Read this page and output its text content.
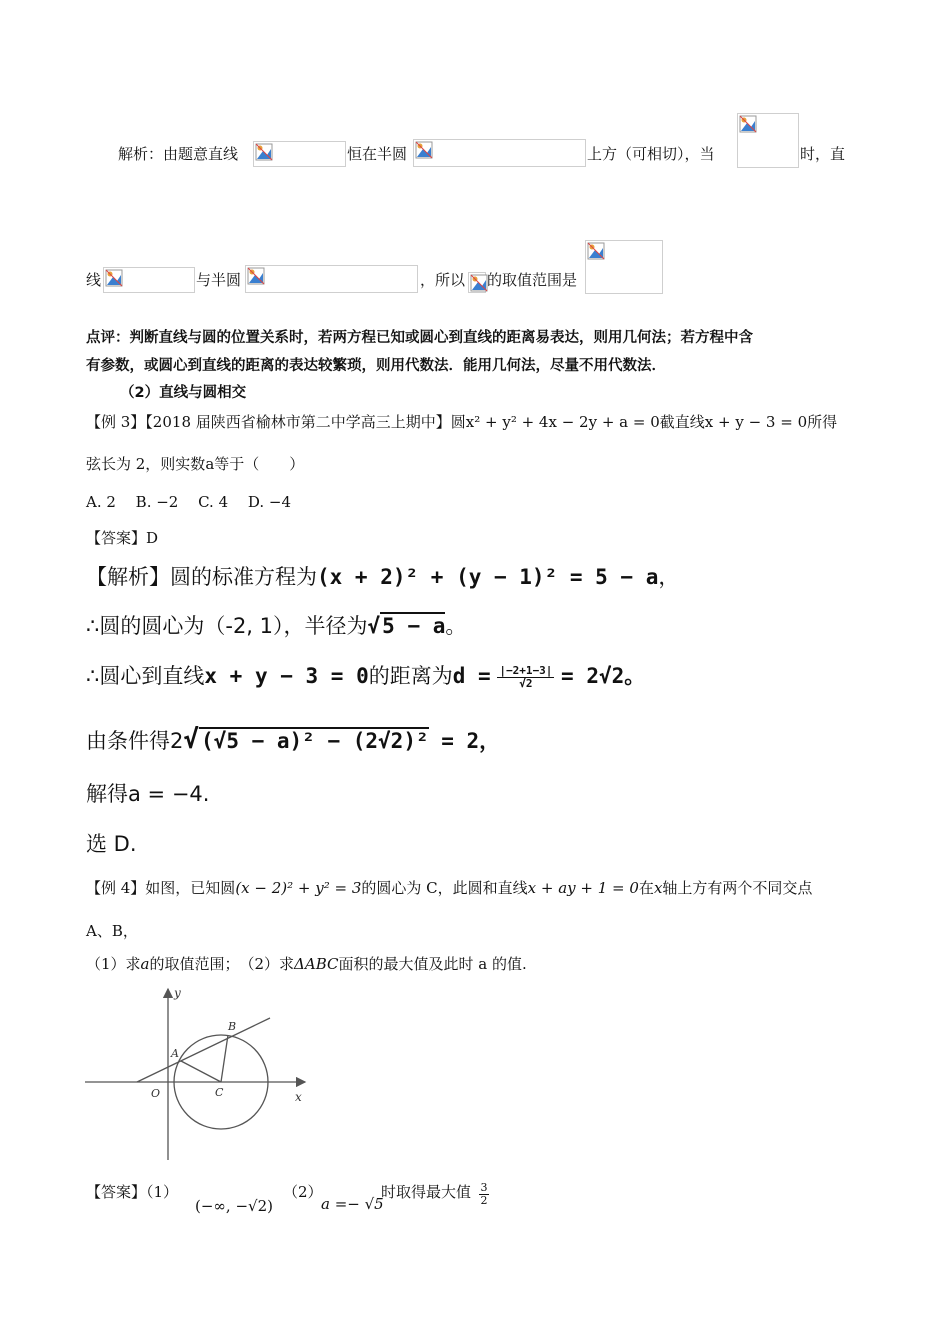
解析：由题意直线	恒在半圆	上方（可相切），当	时，直
线	与半圆	，所以 的取值范围是
点评：判断直线与圆的位置关系时，若两方程已知或圆心到直线的距离易表达，则用几何法；若方程中含
有参数，或圆心到直线的距离的表达较繁琐，则用代数法．能用几何法，尽量不用代数法．
（2）直线与圆相交
【例 3】【2018 届陕西省榆林市第二中学高三上期中】圆x² + y² + 4x − 2y + a = 0截直线x + y − 3 = 0所得
弦长为 2，则实数a等于（　　）
A. 2　 B. −2　 C. 4　 D. −4
【答案】D
【解析】圆的标准方程为(x + 2)² + (y − 1)² = 5 − a，
∴圆的圆心为（-2, 1），半径为√5 − a。
∴圆心到直线x + y − 3 = 0的距离为$d = \frac{|-2+1-3|}{√2} = 2√2$。
由条件得2√(√5 − a)² − (2√2)² = 2，
解得a = −4.
选 D.
【例 4】如图，已知圆(x − 2)² + y² = 3的圆心为 C，此圆和直线x + ay + 1 = 0在x轴上方有两个不同交点
A、B，
（1）求a的取值范围；　（2）求ΔABC面积的最大值及此时 a 的值.
y
x
O
A
B
C
【答案】（1）
(−∞, −√2)
（2）
a =− √5
时取得最大值 3
2
